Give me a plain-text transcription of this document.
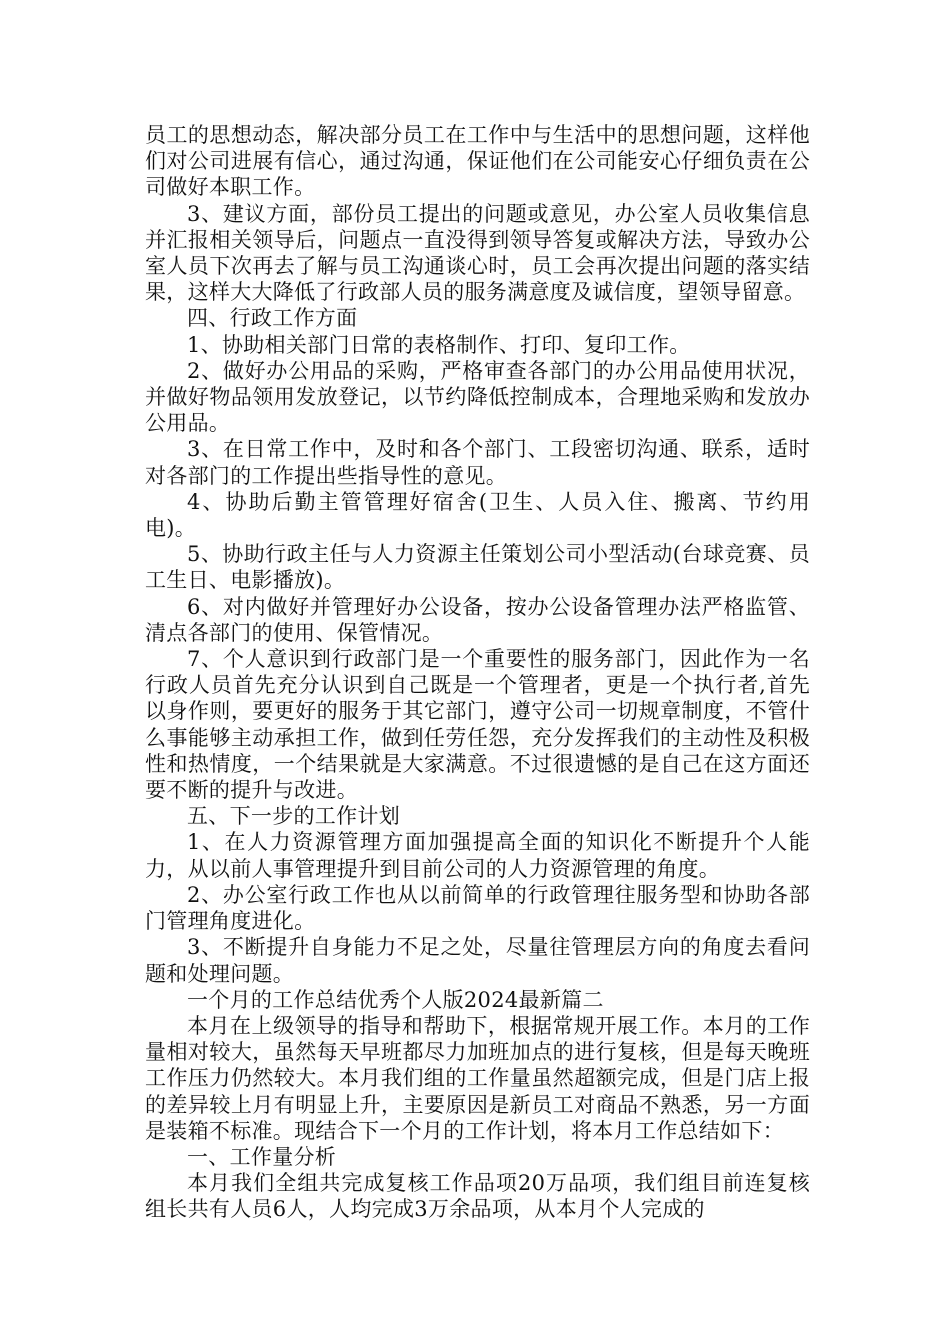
员工的思想动态，解决部分员工在工作中与生活中的思想问题，这样他们对公司进展有信心，通过沟通，保证他们在公司能安心仔细负责在公司做好本职工作。

3、建议方面，部份员工提出的问题或意见，办公室人员收集信息并汇报相关领导后，问题点一直没得到领导答复或解决方法，导致办公室人员下次再去了解与员工沟通谈心时，员工会再次提出问题的落实结果，这样大大降低了行政部人员的服务满意度及诚信度，望领导留意。

四、行政工作方面

1、协助相关部门日常的表格制作、打印、复印工作。

2、做好办公用品的采购，严格审查各部门的办公用品使用状况，并做好物品领用发放登记，以节约降低控制成本，合理地采购和发放办公用品。

3、在日常工作中，及时和各个部门、工段密切沟通、联系，适时对各部门的工作提出些指导性的意见。

4、协助后勤主管管理好宿舍(卫生、人员入住、搬离、节约用电)。

5、协助行政主任与人力资源主任策划公司小型活动(台球竞赛、员工生日、电影播放)。

6、对内做好并管理好办公设备，按办公设备管理办法严格监管、清点各部门的使用、保管情况。

7、个人意识到行政部门是一个重要性的服务部门，因此作为一名行政人员首先充分认识到自己既是一个管理者，更是一个执行者,首先以身作则，要更好的服务于其它部门，遵守公司一切规章制度，不管什么事能够主动承担工作，做到任劳任怨，充分发挥我们的主动性及积极性和热情度，一个结果就是大家满意。不过很遗憾的是自己在这方面还要不断的提升与改进。

五、下一步的工作计划

1、在人力资源管理方面加强提高全面的知识化不断提升个人能力，从以前人事管理提升到目前公司的人力资源管理的角度。

2、办公室行政工作也从以前简单的行政管理往服务型和协助各部门管理角度进化。

3、不断提升自身能力不足之处，尽量往管理层方向的角度去看问题和处理问题。

一个月的工作总结优秀个人版2024最新篇二

本月在上级领导的指导和帮助下，根据常规开展工作。本月的工作量相对较大，虽然每天早班都尽力加班加点的进行复核，但是每天晚班工作压力仍然较大。本月我们组的工作量虽然超额完成，但是门店上报的差异较上月有明显上升，主要原因是新员工对商品不熟悉，另一方面是装箱不标准。现结合下一个月的工作计划，将本月工作总结如下：

一、工作量分析

本月我们全组共完成复核工作品项20万品项，我们组目前连复核组长共有人员6人，人均完成3万余品项，从本月个人完成的
